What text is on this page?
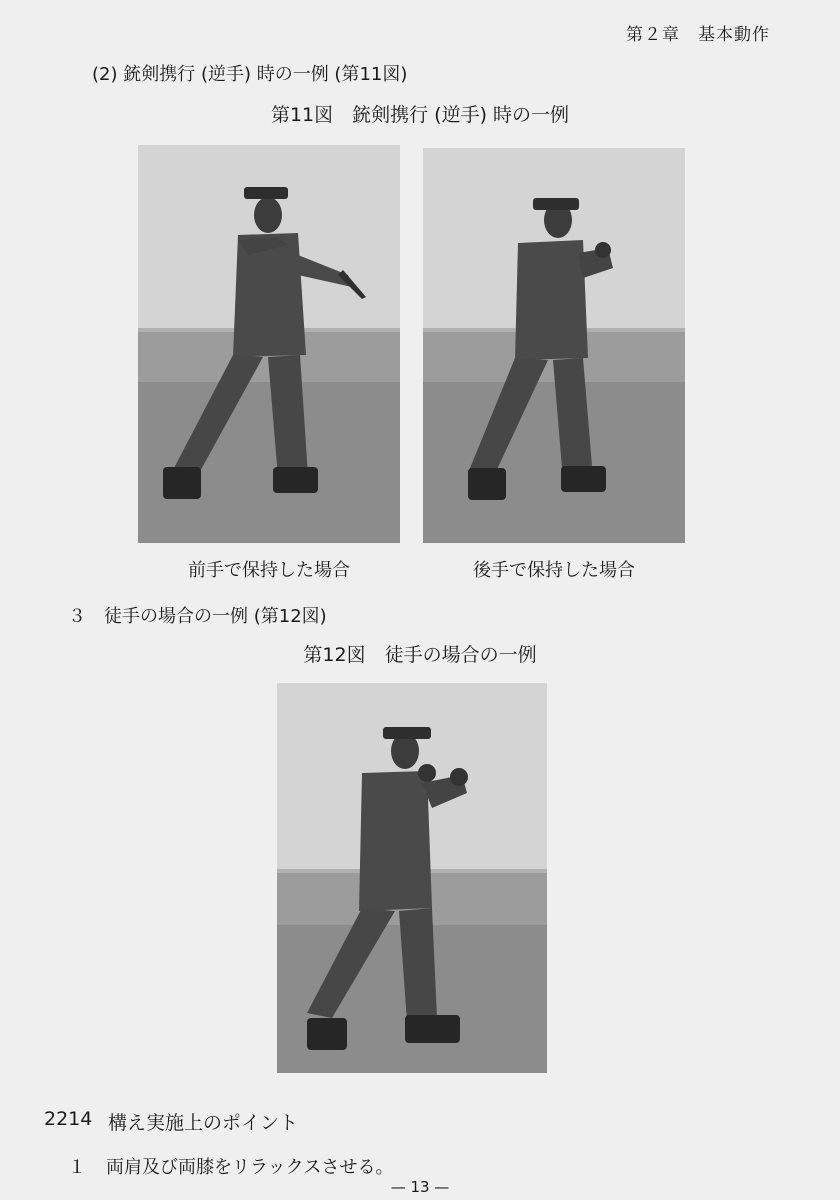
第２章　基本動作
(2) 銃剣携行 (逆手) 時の一例 (第11図)
第11図　銃剣携行 (逆手) 時の一例
前手で保持した場合	後手で保持した場合
３　徒手の場合の一例 (第12図)
第12図　徒手の場合の一例
2214 構え実施上のポイント
１ 両肩及び両膝をリラックスさせる。
— 13 —
